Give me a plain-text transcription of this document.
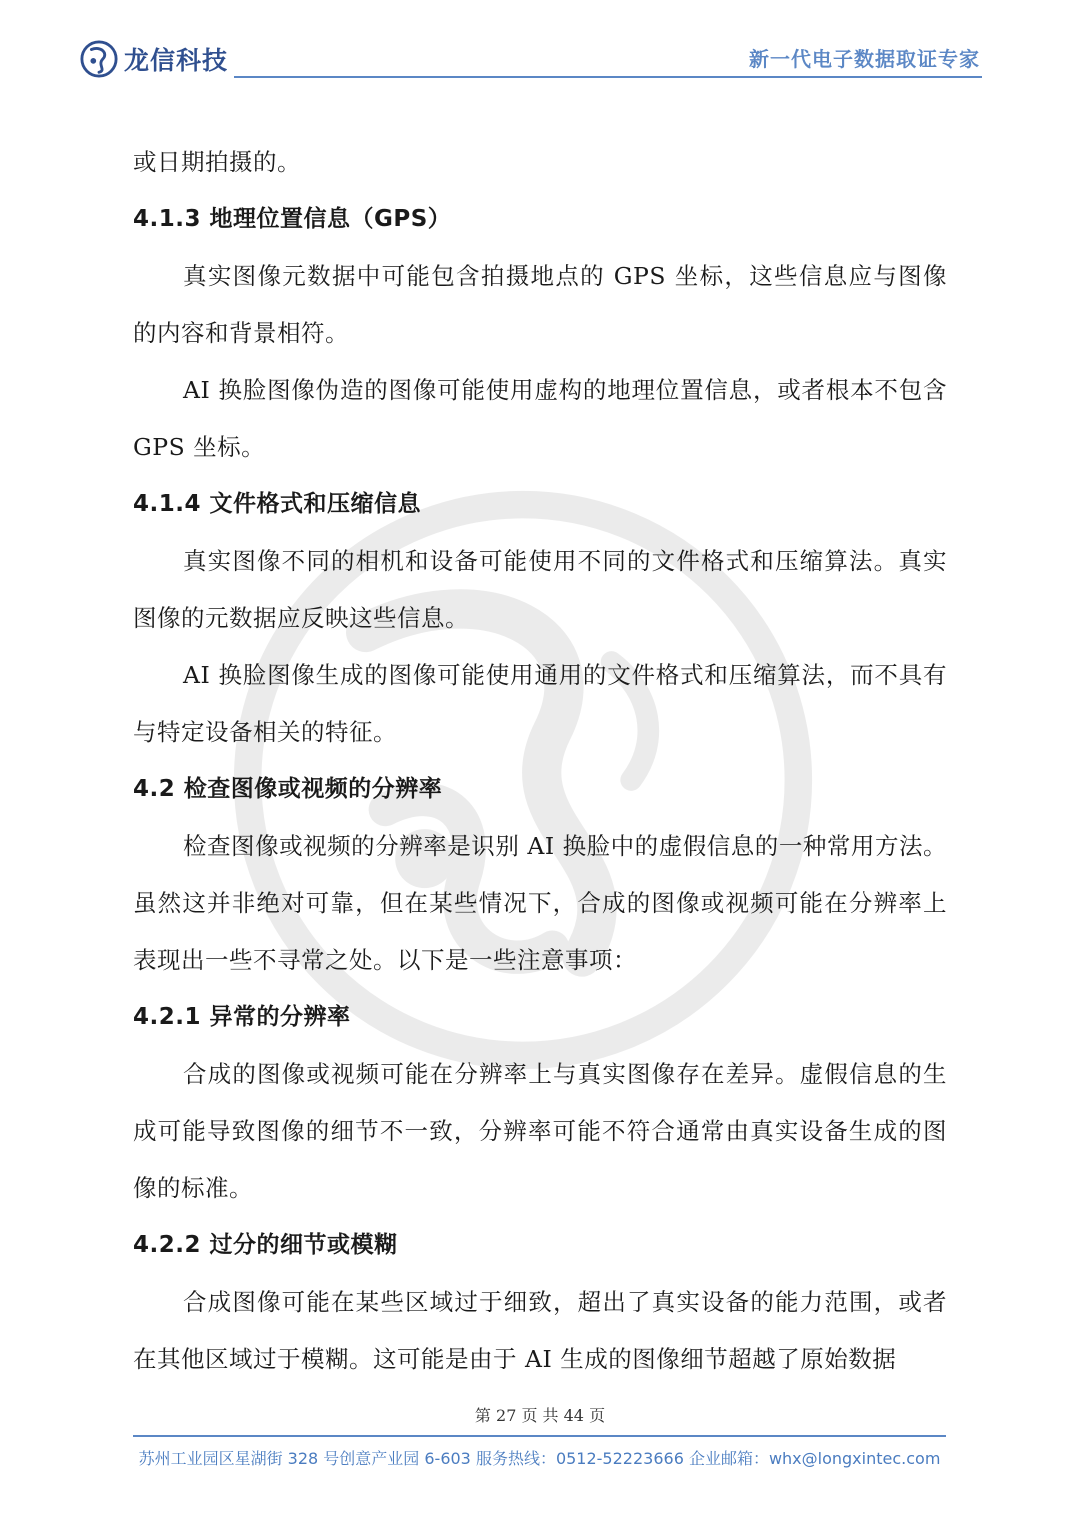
龙信科技	新一代电子数据取证专家

或日期拍摄的。

4.1.3 地理位置信息（GPS）

真实图像元数据中可能包含拍摄地点的 GPS 坐标，这些信息应与图像的内容和背景相符。

AI 换脸图像伪造的图像可能使用虚构的地理位置信息，或者根本不包含 GPS 坐标。

4.1.4 文件格式和压缩信息

真实图像不同的相机和设备可能使用不同的文件格式和压缩算法。真实图像的元数据应反映这些信息。

AI 换脸图像生成的图像可能使用通用的文件格式和压缩算法，而不具有与特定设备相关的特征。

4.2 检查图像或视频的分辨率

检查图像或视频的分辨率是识别 AI 换脸中的虚假信息的一种常用方法。虽然这并非绝对可靠，但在某些情况下，合成的图像或视频可能在分辨率上表现出一些不寻常之处。以下是一些注意事项：

4.2.1 异常的分辨率

合成的图像或视频可能在分辨率上与真实图像存在差异。虚假信息的生成可能导致图像的细节不一致，分辨率可能不符合通常由真实设备生成的图像的标准。

4.2.2 过分的细节或模糊

合成图像可能在某些区域过于细致，超出了真实设备的能力范围，或者在其他区域过于模糊。这可能是由于 AI 生成的图像细节超越了原始数据

第 27 页 共 44 页
苏州工业园区星湖街 328 号创意产业园 6-603 服务热线：0512-52223666 企业邮箱：whx@longxintec.com
